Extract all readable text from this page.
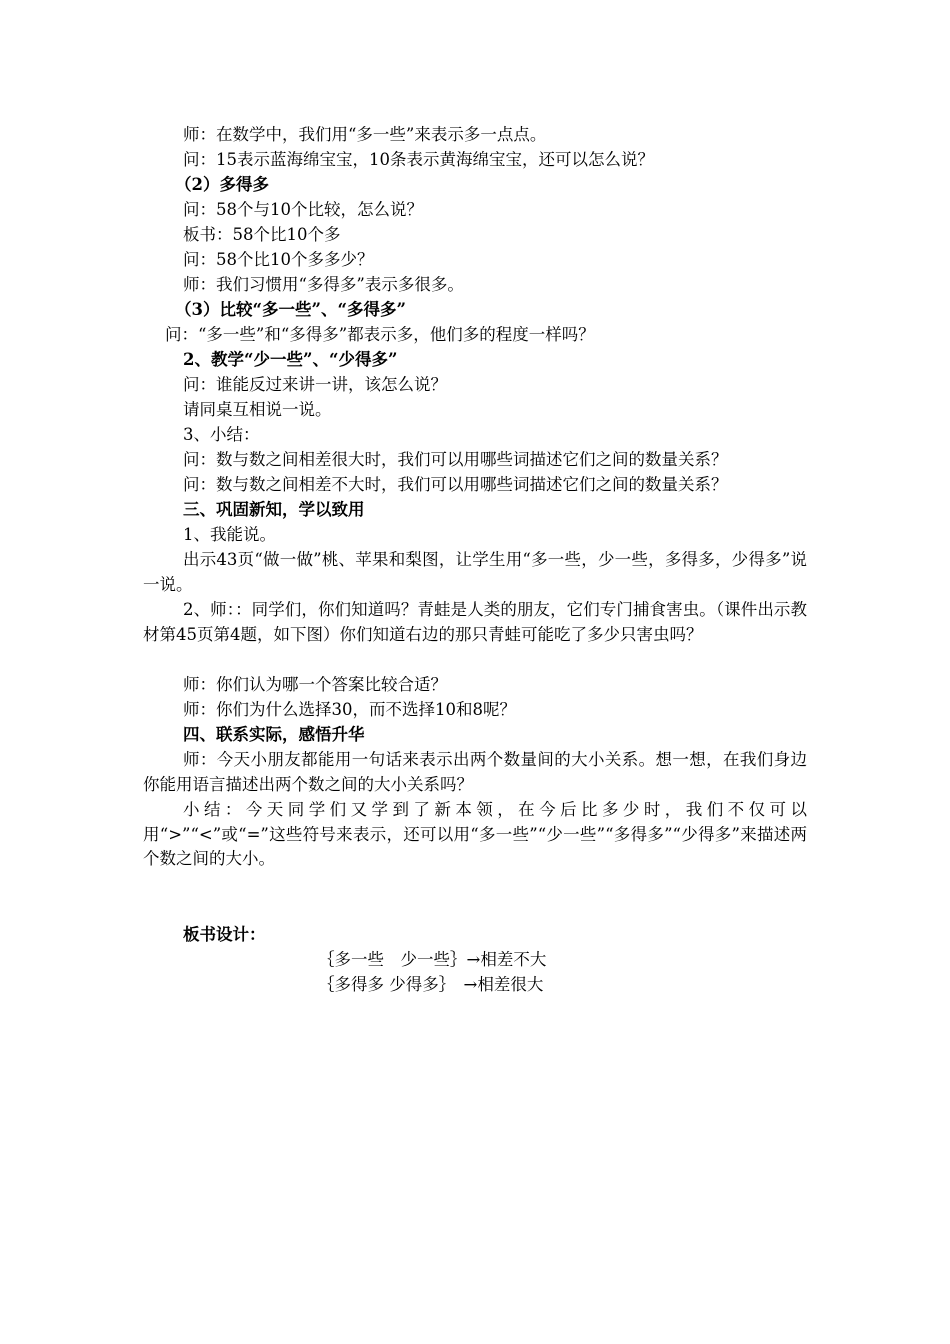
师：在数学中，我们用“多一些”来表示多一点点。
问：15表示蓝海绵宝宝，10条表示黄海绵宝宝，还可以怎么说？
（2）多得多
问：58个与10个比较，怎么说？
板书：58个比10个多
问：58个比10个多多少？
师：我们习惯用“多得多”表示多很多。
（3）比较“多一些”、“多得多”
问：“多一些”和“多得多”都表示多，他们多的程度一样吗？
2、教学“少一些”、“少得多”
问：谁能反过来讲一讲，该怎么说？
请同桌互相说一说。
3、小结：
问：数与数之间相差很大时，我们可以用哪些词描述它们之间的数量关系？
问：数与数之间相差不大时，我们可以用哪些词描述它们之间的数量关系？
三、巩固新知，学以致用
1、我能说。

出示43页“做一做”桃、苹果和梨图，让学生用“多一些，少一些，多得多，少得多”说一说。

2、师：：同学们，你们知道吗？青蛙是人类的朋友，它们专门捕食害虫。（课件出示教材第45页第4题，如下图）你们知道右边的那只青蛙可能吃了多少只害虫吗？

师：你们认为哪一个答案比较合适？
师：你们为什么选择30，而不选择10和8呢？
四、联系实际，感悟升华

师：今天小朋友都能用一句话来表示出两个数量间的大小关系。想一想，在我们身边你能用语言描述出两个数之间的大小关系吗？

小结：今天同学们又学到了新本领，在今后比多少时，我们不仅可以用“>”“<”或“=”这些符号来表示，还可以用“多一些”“少一些”“多得多”“少得多”来描述两个数之间的大小。

板书设计：
｛多一些　少一些｝→相差不大
｛多得多 少得多｝　→相差很大
